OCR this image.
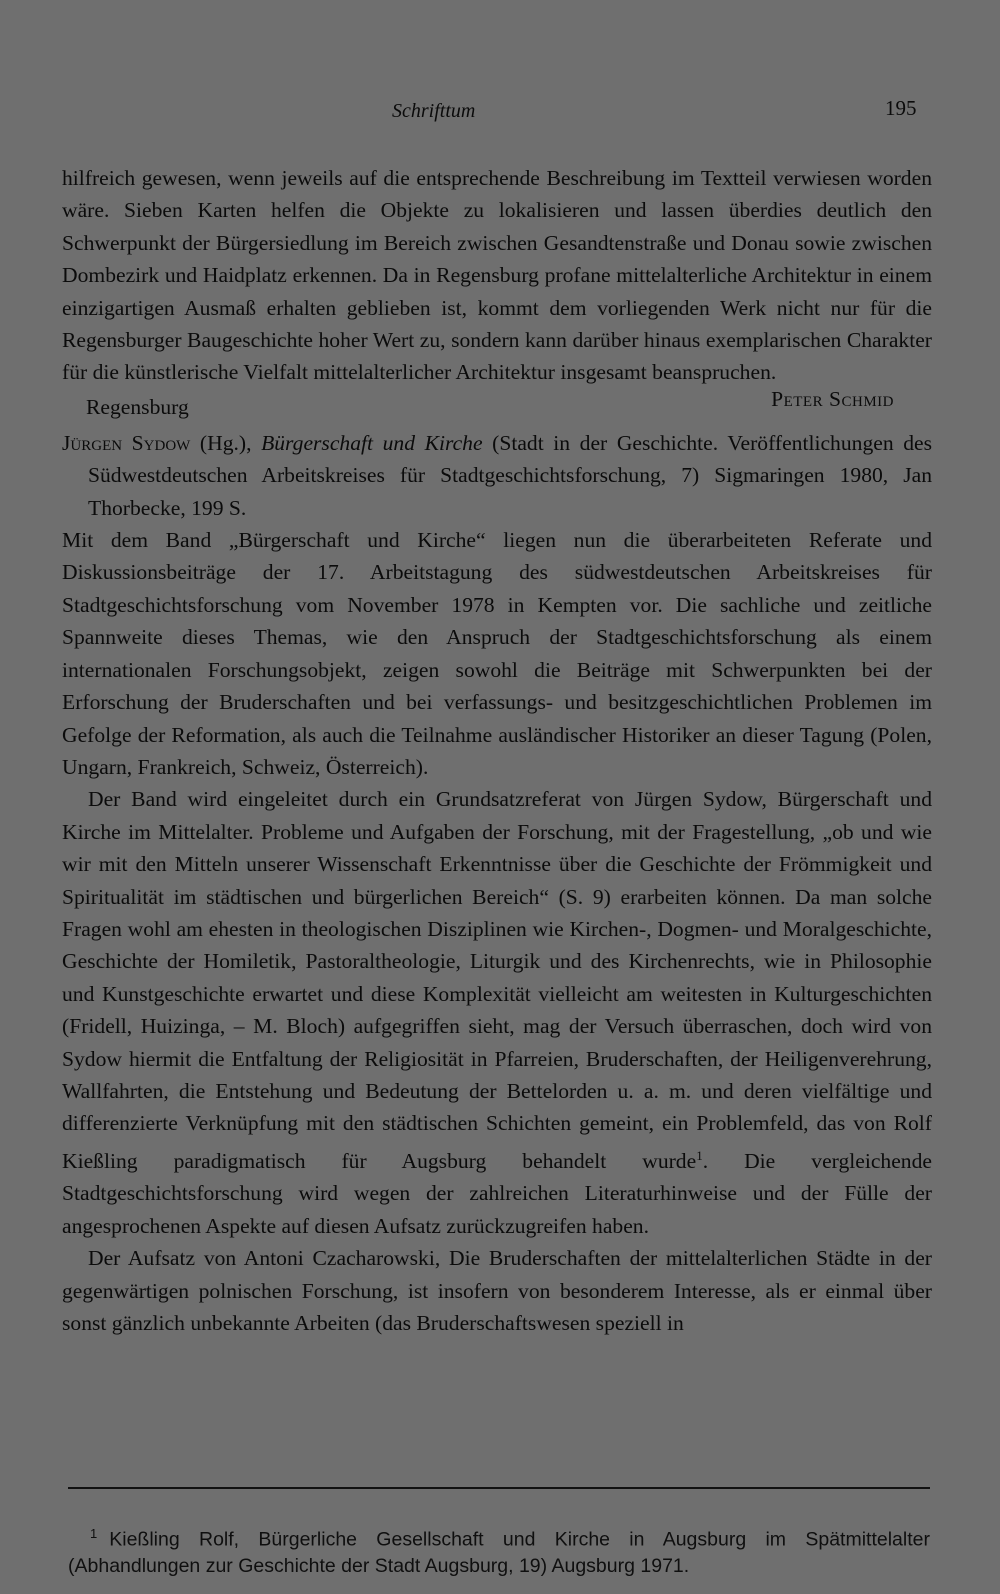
Schrifttum	195

hilfreich gewesen, wenn jeweils auf die entsprechende Beschreibung im Textteil verwiesen worden wäre. Sieben Karten helfen die Objekte zu lokalisieren und lassen überdies deutlich den Schwerpunkt der Bürgersiedlung im Bereich zwischen Gesandtenstraße und Donau sowie zwischen Dombezirk und Haidplatz erkennen. Da in Regensburg profane mittelalterliche Architektur in einem einzigartigen Ausmaß erhalten geblieben ist, kommt dem vorliegenden Werk nicht nur für die Regensburger Baugeschichte hoher Wert zu, sondern kann darüber hinaus exemplarischen Charakter für die künstlerische Vielfalt mittelalterlicher Architektur insgesamt beanspruchen.

Regensburg	Peter Schmid

Jürgen Sydow (Hg.), Bürgerschaft und Kirche (Stadt in der Geschichte. Veröffentlichungen des Südwestdeutschen Arbeitskreises für Stadtgeschichtsforschung, 7) Sigmaringen 1980, Jan Thorbecke, 199 S.

Mit dem Band „Bürgerschaft und Kirche“ liegen nun die überarbeiteten Referate und Diskussionsbeiträge der 17. Arbeitstagung des südwestdeutschen Arbeitskreises für Stadtgeschichtsforschung vom November 1978 in Kempten vor. Die sachliche und zeitliche Spannweite dieses Themas, wie den Anspruch der Stadtgeschichtsforschung als einem internationalen Forschungsobjekt, zeigen sowohl die Beiträge mit Schwerpunkten bei der Erforschung der Bruderschaften und bei verfassungs- und besitzgeschichtlichen Problemen im Gefolge der Reformation, als auch die Teilnahme ausländischer Historiker an dieser Tagung (Polen, Ungarn, Frankreich, Schweiz, Österreich).

Der Band wird eingeleitet durch ein Grundsatzreferat von Jürgen Sydow, Bürgerschaft und Kirche im Mittelalter. Probleme und Aufgaben der Forschung, mit der Fragestellung, „ob und wie wir mit den Mitteln unserer Wissenschaft Erkenntnisse über die Geschichte der Frömmigkeit und Spiritualität im städtischen und bürgerlichen Bereich“ (S. 9) erarbeiten können. Da man solche Fragen wohl am ehesten in theologischen Disziplinen wie Kirchen-, Dogmen- und Moralgeschichte, Geschichte der Homiletik, Pastoraltheologie, Liturgik und des Kirchenrechts, wie in Philosophie und Kunstgeschichte erwartet und diese Komplexität vielleicht am weitesten in Kulturgeschichten (Fridell, Huizinga, – M. Bloch) aufgegriffen sieht, mag der Versuch überraschen, doch wird von Sydow hiermit die Entfaltung der Religiosität in Pfarreien, Bruderschaften, der Heiligenverehrung, Wallfahrten, die Entstehung und Bedeutung der Bettelorden u. a. m. und deren vielfältige und differenzierte Verknüpfung mit den städtischen Schichten gemeint, ein Problemfeld, das von Rolf Kießling paradigmatisch für Augsburg behandelt wurde$^1$. Die vergleichende Stadtgeschichtsforschung wird wegen der zahlreichen Literaturhinweise und der Fülle der angesprochenen Aspekte auf diesen Aufsatz zurückzugreifen haben.

Der Aufsatz von Antoni Czacharowski, Die Bruderschaften der mittelalterlichen Städte in der gegenwärtigen polnischen Forschung, ist insofern von besonderem Interesse, als er einmal über sonst gänzlich unbekannte Arbeiten (das Bruderschaftswesen speziell in

$^1$ Kießling Rolf, Bürgerliche Gesellschaft und Kirche in Augsburg im Spätmittelalter (Abhandlungen zur Geschichte der Stadt Augsburg, 19) Augsburg 1971.
